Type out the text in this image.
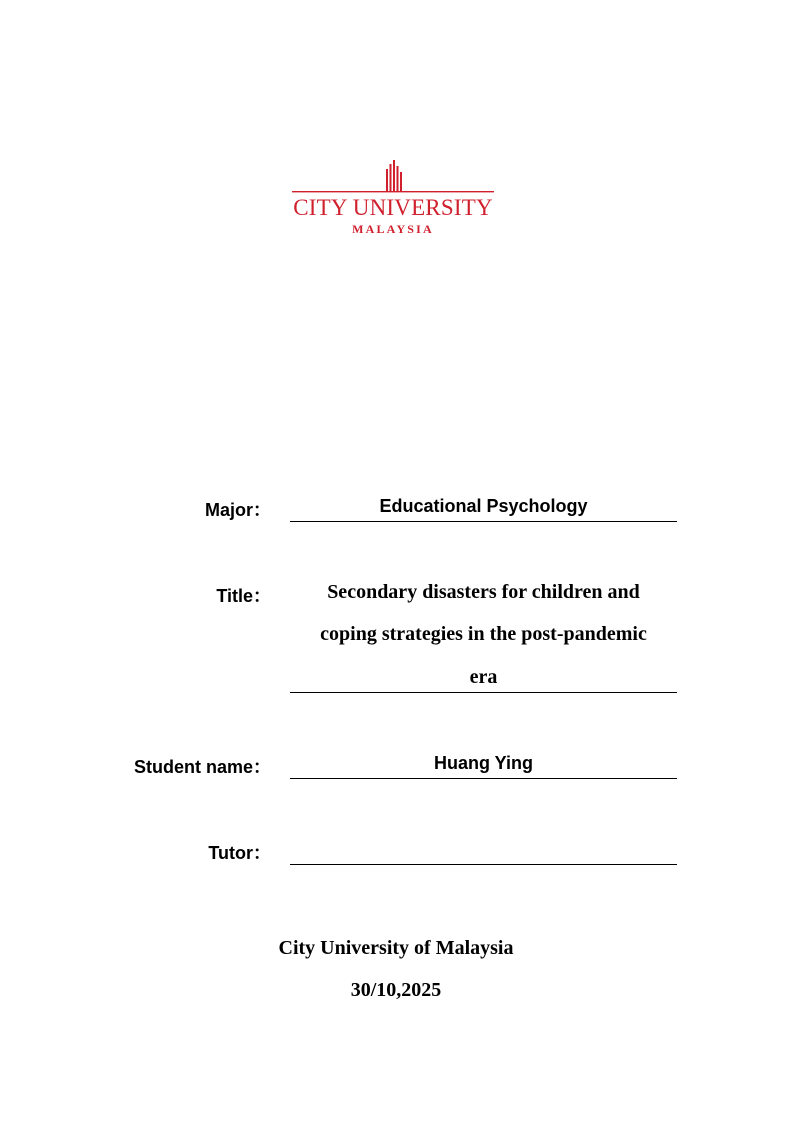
CITY UNIVERSITY
MALAYSIA
Major：	Educational Psychology
Title：	Secondary disasters for children and
coping strategies in the post-pandemic
era
Student name：	Huang Ying
Tutor：
City University of Malaysia
30/10,2025
